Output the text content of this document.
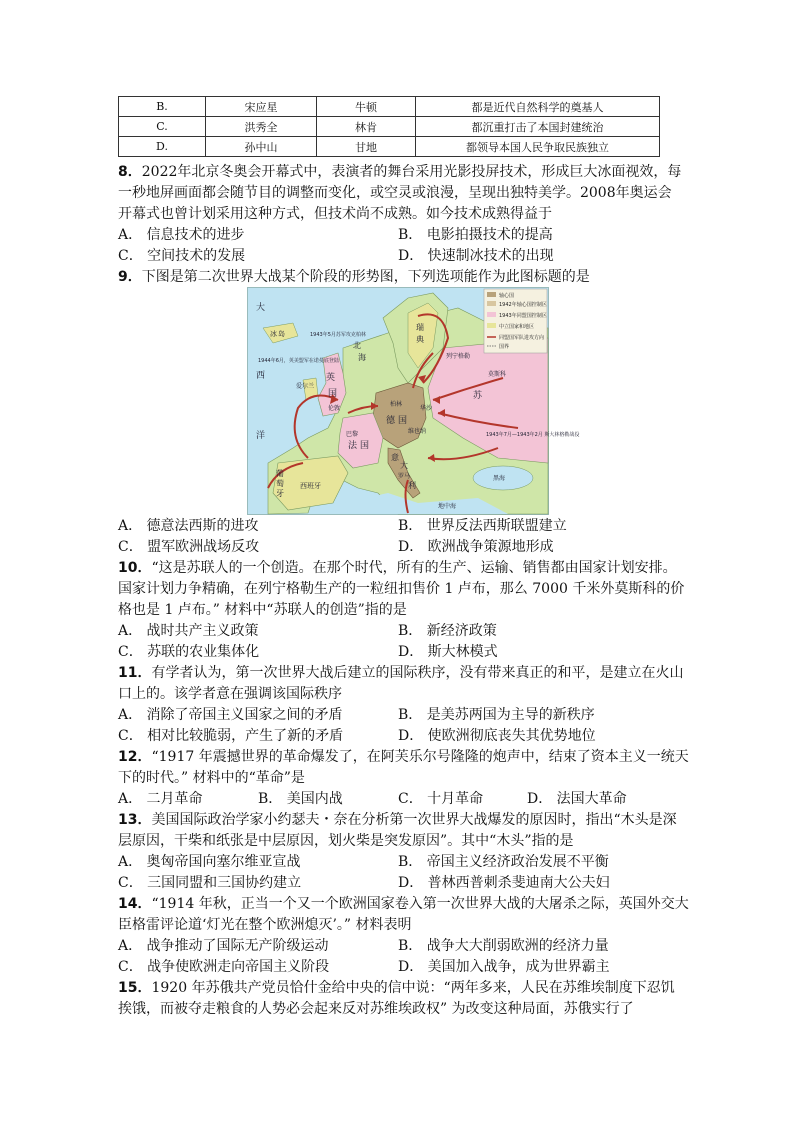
B.	宋应星	牛顿	都是近代自然科学的奠基人
C.	洪秀全	林肯	都沉重打击了本国封建统治
D.	孙中山	甘地	都领导本国人民争取民族独立
8．2022年北京冬奥会开幕式中，表演者的舞台采用光影投屏技术，形成巨大冰面视效，每
一秒地屏画面都会随节目的调整而变化，或空灵或浪漫，呈现出独特美学。2008年奥运会
开幕式也曾计划采用这种方式，但技术尚不成熟。如今技术成熟得益于
A． 信息技术的进步	B． 电影拍摄技术的提高
C． 空间技术的发展	D． 快速制冰技术的出现
9．下图是第二次世界大战某个阶段的形势图，下列选项能作为此图标题的是
大
西
洋
冰 岛	1943年5月苏军攻克柏林
1944年6月，英美盟军在诺曼底登陆
北
海
爱尔兰
英
国
伦敦
巴黎
法 国
柏林
华沙
莫斯科
苏
列宁格勒
1943年7月—1943年2月 斯大林格勒战役
瑞
典
西班牙
葡
萄
牙
罗马
意
大
利
维也纳
黑海
地中海
德 国
轴心国
1942年轴心国控制区
1943年同盟国控制区
中立国家和地区
同盟国军队进攻方向
国界
A． 德意法西斯的进攻	B． 世界反法西斯联盟建立
C． 盟军欧洲战场反攻	D． 欧洲战争策源地形成
10．“这是苏联人的一个创造。在那个时代，所有的生产、运输、销售都由国家计划安排。
国家计划力争精确，在列宁格勒生产的一粒纽扣售价 1 卢布，那么 7000 千米外莫斯科的价
格也是 1 卢布。” 材料中“苏联人的创造”指的是
A． 战时共产主义政策	B． 新经济政策
C． 苏联的农业集体化	D． 斯大林模式
11．有学者认为，第一次世界大战后建立的国际秩序，没有带来真正的和平，是建立在火山
口上的。该学者意在强调该国际秩序
A． 消除了帝国主义国家之间的矛盾	B． 是美苏两国为主导的新秩序
C． 相对比较脆弱，产生了新的矛盾	D． 使欧洲彻底丧失其优势地位
12．“1917 年震撼世界的革命爆发了，在阿芙乐尔号隆隆的炮声中，结束了资本主义一统天
下的时代。” 材料中的“革命”是
A． 二月革命	B． 美国内战	C． 十月革命	D． 法国大革命
13．美国国际政治学家小约瑟夫・奈在分析第一次世界大战爆发的原因时，指出“木头是深
层原因，干柴和纸张是中层原因，划火柴是突发原因”。其中“木头”指的是
A． 奥匈帝国向塞尔维亚宣战	B． 帝国主义经济政治发展不平衡
C． 三国同盟和三国协约建立	D． 普林西普刺杀斐迪南大公夫妇
14．“1914 年秋，正当一个又一个欧洲国家卷入第一次世界大战的大屠杀之际，英国外交大
臣格雷评论道‘灯光在整个欧洲熄灭’。” 材料表明
A． 战争推动了国际无产阶级运动	B． 战争大大削弱欧洲的经济力量
C． 战争使欧洲走向帝国主义阶段	D． 美国加入战争，成为世界霸主
15．1920 年苏俄共产党员恰什金给中央的信中说：“两年多来，人民在苏维埃制度下忍饥
挨饿，而被夺走粮食的人势必会起来反对苏维埃政权” 为改变这种局面，苏俄实行了
